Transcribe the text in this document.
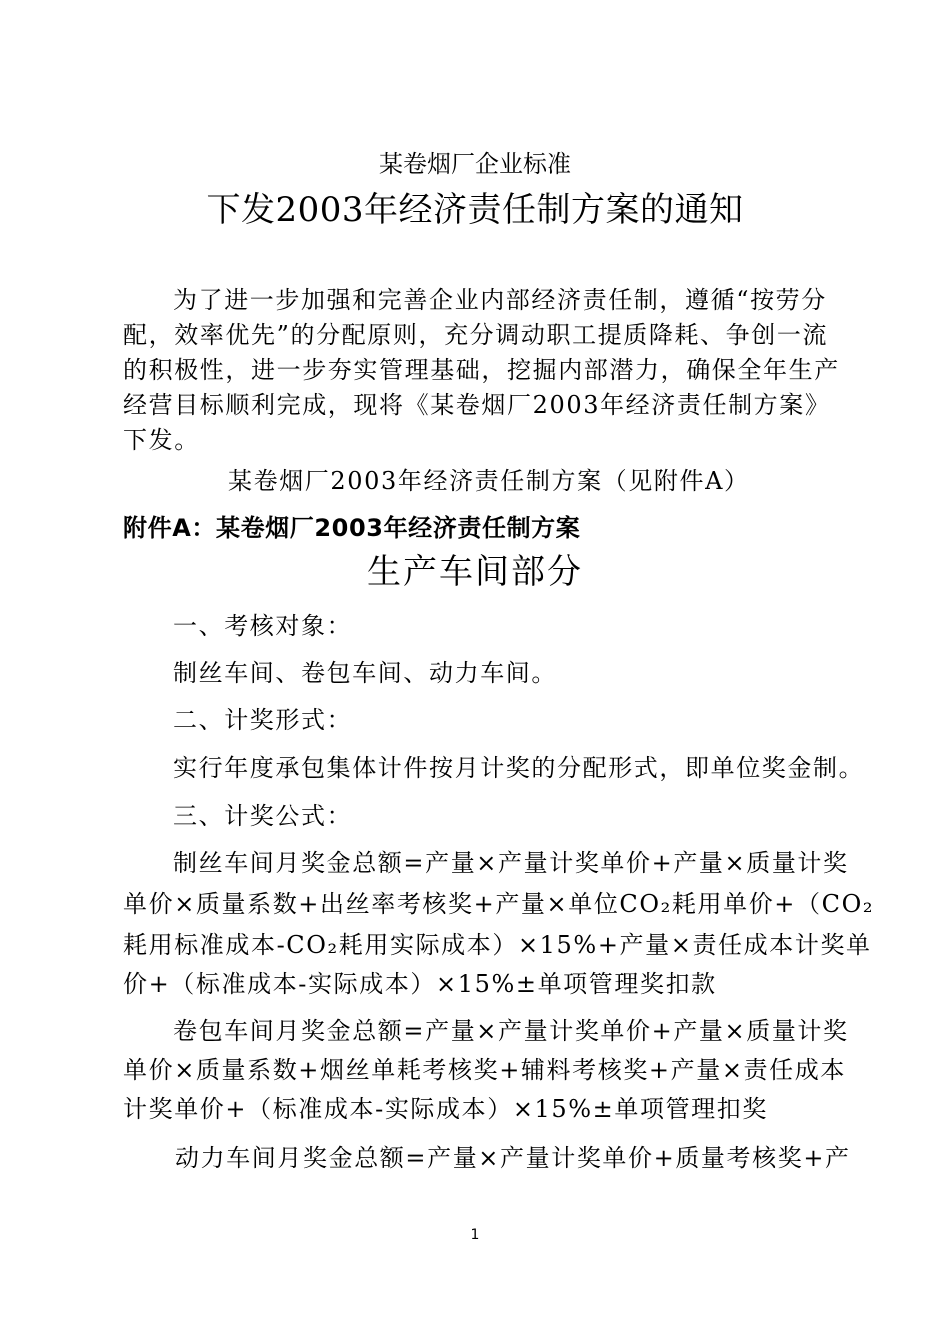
某卷烟厂企业标准
下发2003年经济责任制方案的通知
为了进一步加强和完善企业内部经济责任制，遵循“按劳分
配，效率优先”的分配原则，充分调动职工提质降耗、争创一流
的积极性，进一步夯实管理基础，挖掘内部潜力，确保全年生产
经营目标顺利完成，现将《某卷烟厂2003年经济责任制方案》
下发。
某卷烟厂2003年经济责任制方案（见附件A）
附件A：某卷烟厂2003年经济责任制方案
生产车间部分
一、考核对象：
制丝车间、卷包车间、动力车间。
二、计奖形式：
实行年度承包集体计件按月计奖的分配形式，即单位奖金制。
三、计奖公式：
制丝车间月奖金总额=产量×产量计奖单价+产量×质量计奖
单价×质量系数+出丝率考核奖+产量×单位CO₂耗用单价+（CO₂
耗用标准成本-CO₂耗用实际成本）×15%+产量×责任成本计奖单
价+（标准成本-实际成本）×15%±单项管理奖扣款
卷包车间月奖金总额=产量×产量计奖单价+产量×质量计奖
单价×质量系数+烟丝单耗考核奖+辅料考核奖+产量×责任成本
计奖单价+（标准成本-实际成本）×15%±单项管理扣奖
动力车间月奖金总额=产量×产量计奖单价+质量考核奖+产
1
